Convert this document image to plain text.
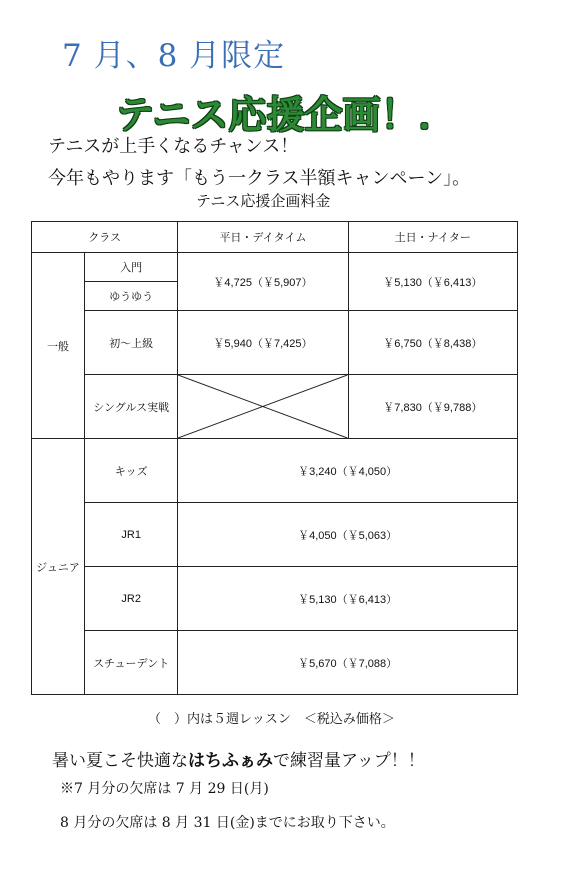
7 月、8 月限定
テニス応援企画！．
テニスが上手くなるチャンス！
今年もやります「もう一クラス半額キャンペーン」。
テニス応援企画料金
クラス		平日・デイタイム	土日・ナイター
一般	入門	￥4,725（￥5,907）	￥5,130（￥6,413）
	ゆうゆう		
	初～上級	￥5,940（￥7,425）	￥6,750（￥8,438）
	シングルス実戦		￥7,830（￥9,788）
ジュニア	キッズ	￥3,240（￥4,050）	
	JR1	￥4,050（￥5,063）	
	JR2	￥5,130（￥6,413）	
	スチューデント	￥5,670（￥7,088）	
（　）内は５週レッスン　＜税込み価格＞
暑い夏こそ快適なはちふぁみで練習量アップ！！
※7 月分の欠席は 7 月 29 日(月)
8 月分の欠席は 8 月 31 日(金)までにお取り下さい。
